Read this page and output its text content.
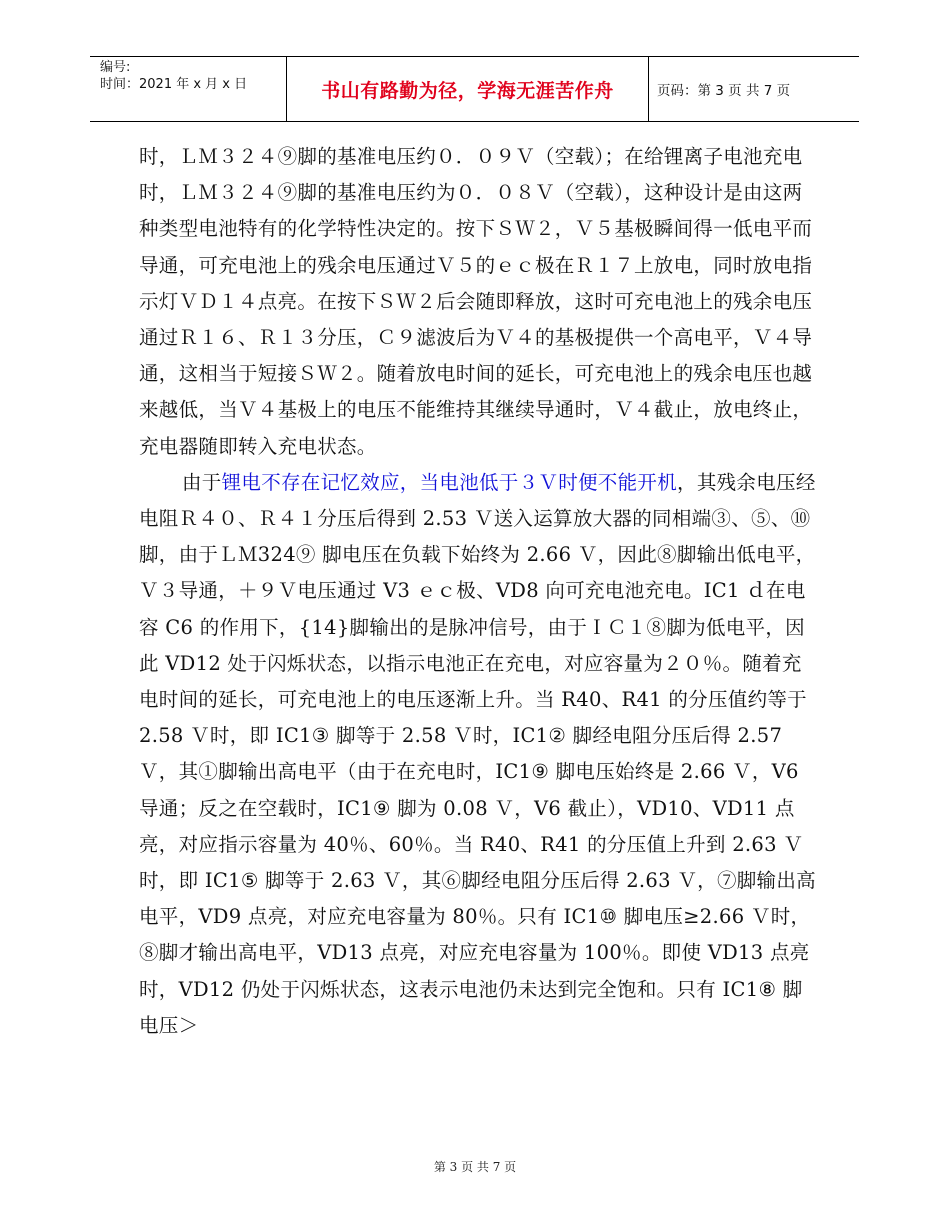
编号:
时间：2021 年 x 月 x 日	书山有路勤为径，学海无涯苦作舟	页码：第 3 页 共 7 页

时，ＬＭ３２４⑨脚的基准电压约０．０９Ｖ（空载）；在给锂离子电池充电时，ＬＭ３２４⑨脚的基准电压约为０．０８Ｖ（空载），这种设计是由这两种类型电池特有的化学特性决定的。按下ＳＷ２，Ｖ５基极瞬间得一低电平而导通，可充电池上的残余电压通过Ｖ５的ｅｃ极在Ｒ１７上放电，同时放电指示灯ＶＤ１４点亮。在按下ＳＷ２后会随即释放，这时可充电池上的残余电压通过Ｒ１６、Ｒ１３分压，Ｃ９滤波后为Ｖ４的基极提供一个高电平，Ｖ４导通，这相当于短接ＳＷ２。随着放电时间的延长，可充电池上的残余电压也越来越低，当Ｖ４基极上的电压不能维持其继续导通时，Ｖ４截止，放电终止，充电器随即转入充电状态。

由于锂电不存在记忆效应，当电池低于３Ｖ时便不能开机，其残余电压经电阻Ｒ４０、Ｒ４１分压后得到 2.53 Ｖ送入运算放大器的同相端③、⑤、⑩脚，由于ＬＭ324⑨ 脚电压在负载下始终为 2.66 Ｖ，因此⑧脚输出低电平，Ｖ３导通，＋９Ｖ电压通过 V3 ｅｃ极、VD8 向可充电池充电。IC1 ｄ在电容 C6 的作用下，{14}脚输出的是脉冲信号，由于ＩＣ１⑧脚为低电平，因此 VD12 处于闪烁状态，以指示电池正在充电，对应容量为２０％。随着充电时间的延长，可充电池上的电压逐渐上升。当 R40、R41 的分压值约等于 2.58 Ｖ时，即 IC1③ 脚等于 2.58 Ｖ时，IC1② 脚经电阻分压后得 2.57 Ｖ，其①脚输出高电平（由于在充电时，IC1⑨ 脚电压始终是 2.66 Ｖ，V6 导通；反之在空载时，IC1⑨ 脚为 0.08 Ｖ，V6 截止），VD10、VD11 点亮，对应指示容量为 40％、60％。当 R40、R41 的分压值上升到 2.63 Ｖ时，即 IC1⑤ 脚等于 2.63 Ｖ，其⑥脚经电阻分压后得 2.63 Ｖ，⑦脚输出高电平，VD9 点亮，对应充电容量为 80％。只有 IC1⑩ 脚电压≥2.66 Ｖ时，⑧脚才输出高电平，VD13 点亮，对应充电容量为 100％。即使 VD13 点亮时，VD12 仍处于闪烁状态，这表示电池仍未达到完全饱和。只有 IC1⑧ 脚电压＞

第 3 页 共 7 页
